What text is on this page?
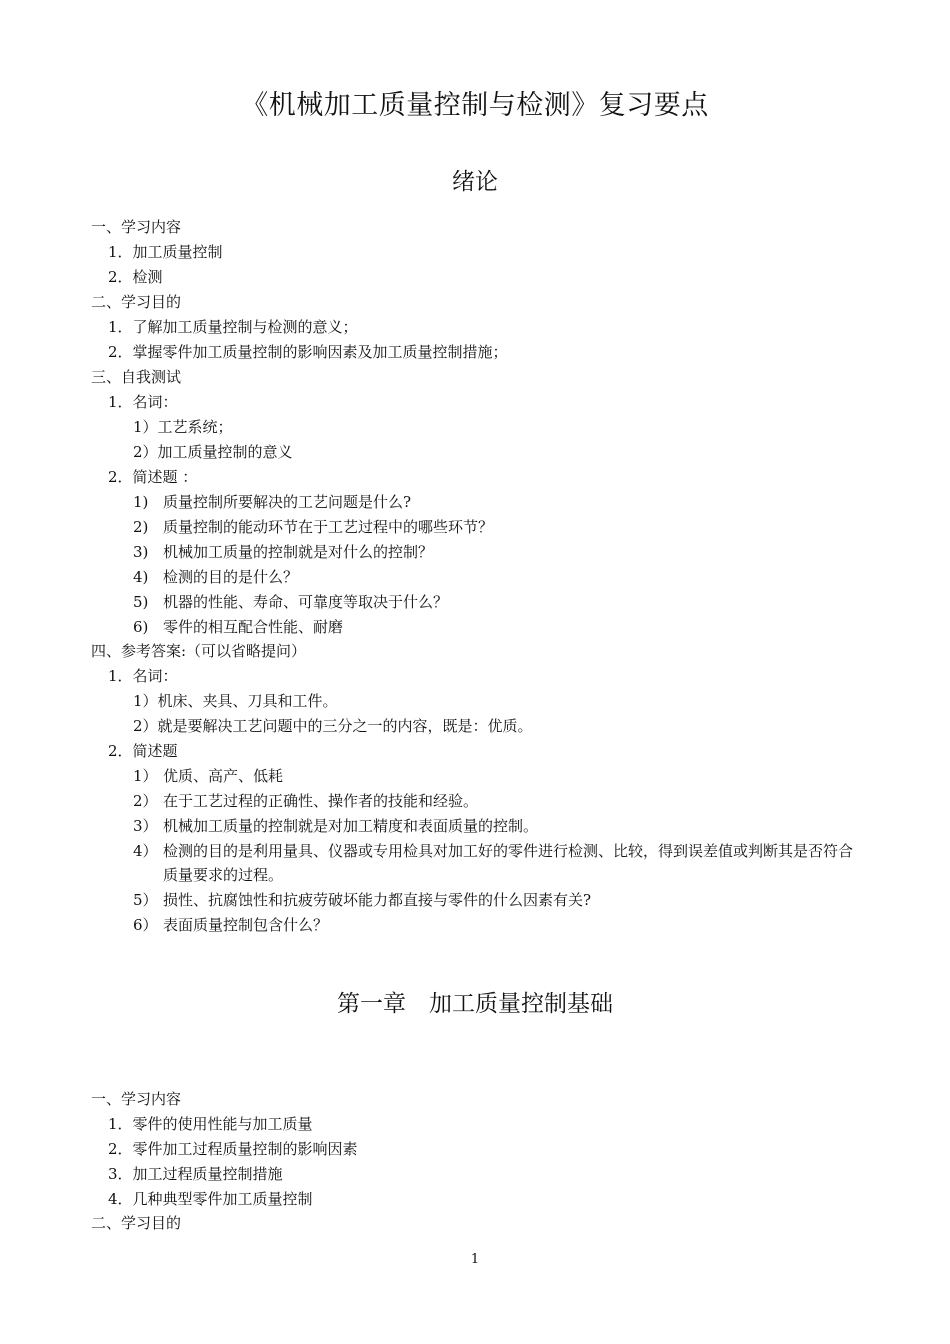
《机械加工质量控制与检测》复习要点
绪论
一、学习内容
1．加工质量控制
2．检测
二、学习目的
1．了解加工质量控制与检测的意义；
2．掌握零件加工质量控制的影响因素及加工质量控制措施；
三、自我测试
1．名词：
1）工艺系统；
2）加工质量控制的意义
2．简述题 ：
1) 质量控制所要解决的工艺问题是什么?
2) 质量控制的能动环节在于工艺过程中的哪些环节？
3) 机械加工质量的控制就是对什么的控制？
4) 检测的目的是什么？
5) 机器的性能、寿命、可靠度等取决于什么？
6) 零件的相互配合性能、耐磨
四、参考答案:（可以省略提问）
1．名词：
1）机床、夹具、刀具和工件。
2）就是要解决工艺问题中的三分之一的内容，既是：优质。
2．简述题
1） 优质、高产、低耗
2） 在于工艺过程的正确性、操作者的技能和经验。
3） 机械加工质量的控制就是对加工精度和表面质量的控制。
4） 检测的目的是利用量具、仪器或专用检具对加工好的零件进行检测、比较，得到误差值或判断其是否符合质量要求的过程。
5） 损性、抗腐蚀性和抗疲劳破坏能力都直接与零件的什么因素有关?
6） 表面质量控制包含什么？
第一章　加工质量控制基础
一、学习内容
1．零件的使用性能与加工质量
2．零件加工过程质量控制的影响因素
3．加工过程质量控制措施
4．几种典型零件加工质量控制
二、学习目的
1
